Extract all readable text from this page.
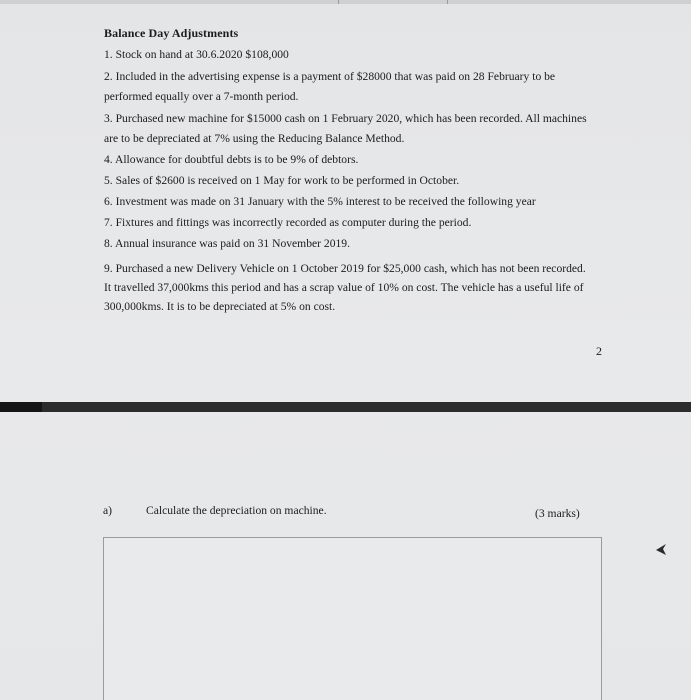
Balance Day Adjustments
1. Stock on hand at 30.6.2020 $108,000
2. Included in the advertising expense is a payment of $28000 that was paid on 28 February to be
performed equally over a 7-month period.
3. Purchased new machine for $15000 cash on 1 February 2020, which has been recorded. All machines
are to be depreciated at 7% using the Reducing Balance Method.
4. Allowance for doubtful debts is to be 9% of debtors.
5. Sales of $2600 is received on 1 May for work to be performed in October.
6. Investment was made on 31 January with the 5% interest to be received the following year
7. Fixtures and fittings was incorrectly recorded as computer during the period.
8. Annual insurance was paid on 31 November 2019.
9. Purchased a new Delivery Vehicle on 1 October 2019 for $25,000 cash, which has not been recorded.
It travelled 37,000kms this period and has a scrap value of 10% on cost. The vehicle has a useful life of
300,000kms. It is to be depreciated at 5% on cost.
2
a)	Calculate the depreciation on machine.	(3 marks)
